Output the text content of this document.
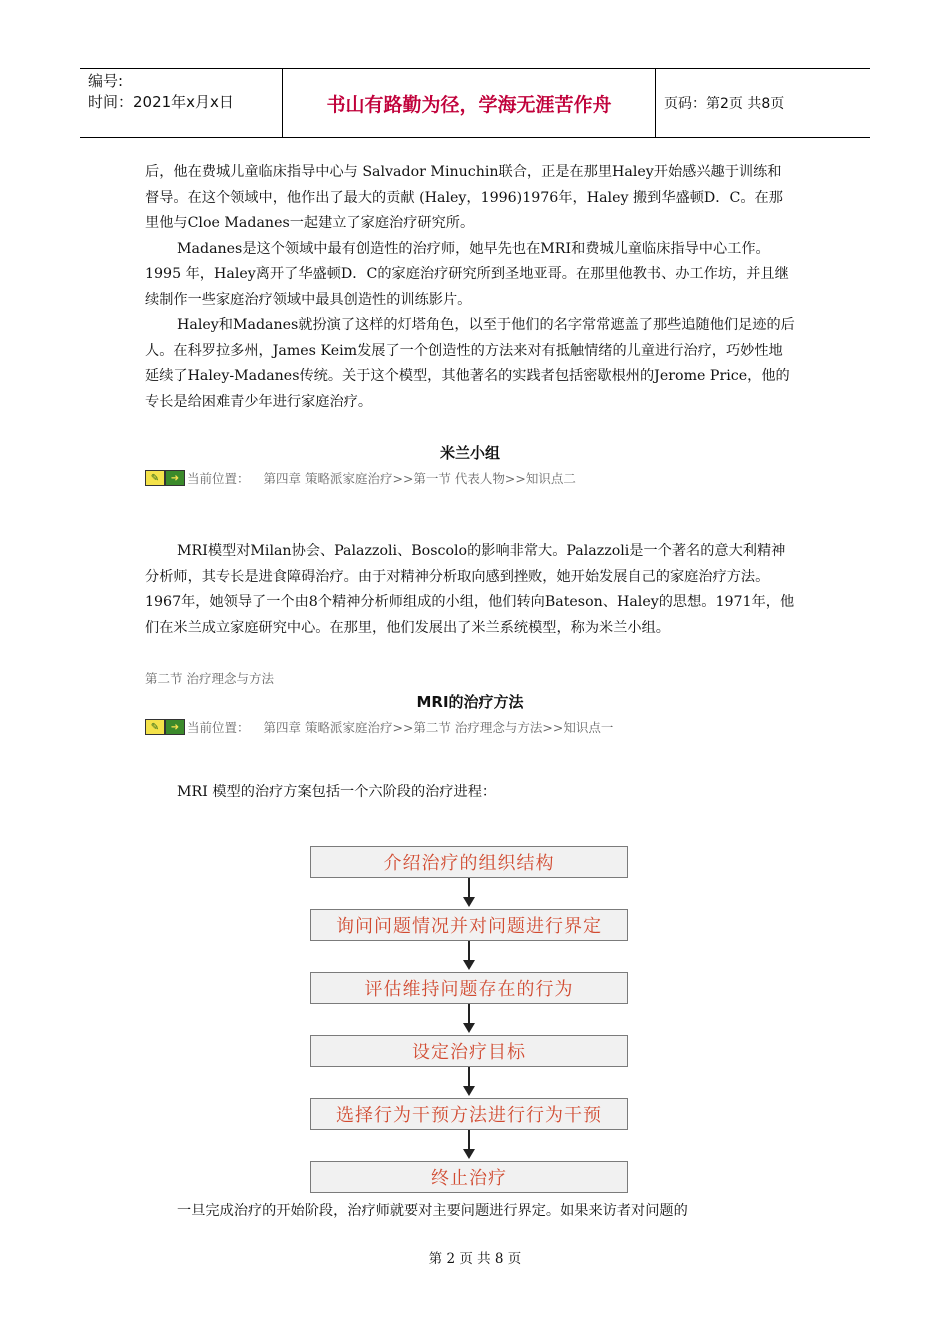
编号:
时间：2021年x月x日	书山有路勤为径，学海无涯苦作舟	页码：第2页 共8页

后，他在费城儿童临床指导中心与 Salvador Minuchin联合，正是在那里Haley开始感兴趣于训练和督导。在这个领域中，他作出了最大的贡献 (Haley，1996)1976年，Haley 搬到华盛顿D．C。在那里他与Cloe Madanes一起建立了家庭治疗研究所。

Madanes是这个领域中最有创造性的治疗师，她早先也在MRI和费城儿童临床指导中心工作。1995 年，Haley离开了华盛顿D．C的家庭治疗研究所到圣地亚哥。在那里他教书、办工作坊，并且继续制作一些家庭治疗领域中最具创造性的训练影片。

Haley和Madanes就扮演了这样的灯塔角色，以至于他们的名字常常遮盖了那些追随他们足迹的后人。在科罗拉多州，James Keim发展了一个创造性的方法来对有抵触情绪的儿童进行治疗，巧妙性地延续了Haley-Madanes传统。关于这个模型，其他著名的实践者包括密歇根州的Jerome Price，他的专长是给困难青少年进行家庭治疗。

米兰小组
✎	➜ 当前位置： 第四章 策略派家庭治疗>>第一节 代表人物>>知识点二

MRI模型对Milan协会、Palazzoli、Boscolo的影响非常大。Palazzoli是一个著名的意大利精神分析师，其专长是进食障碍治疗。由于对精神分析取向感到挫败，她开始发展自己的家庭治疗方法。 1967年，她领导了一个由8个精神分析师组成的小组，他们转向Bateson、Haley的思想。1971年，他们在米兰成立家庭研究中心。在那里，他们发展出了米兰系统模型，称为米兰小组。

第二节 治疗理念与方法
MRI的治疗方法
✎	➜ 当前位置： 第四章 策略派家庭治疗>>第二节 治疗理念与方法>>知识点一

MRI 模型的治疗方案包括一个六阶段的治疗进程：

介绍治疗的组织结构
询问问题情况并对问题进行界定
评估维持问题存在的行为
设定治疗目标
选择行为干预方法进行行为干预
终止治疗

一旦完成治疗的开始阶段，治疗师就要对主要问题进行界定。如果来访者对问题的

第 2 页 共 8 页
